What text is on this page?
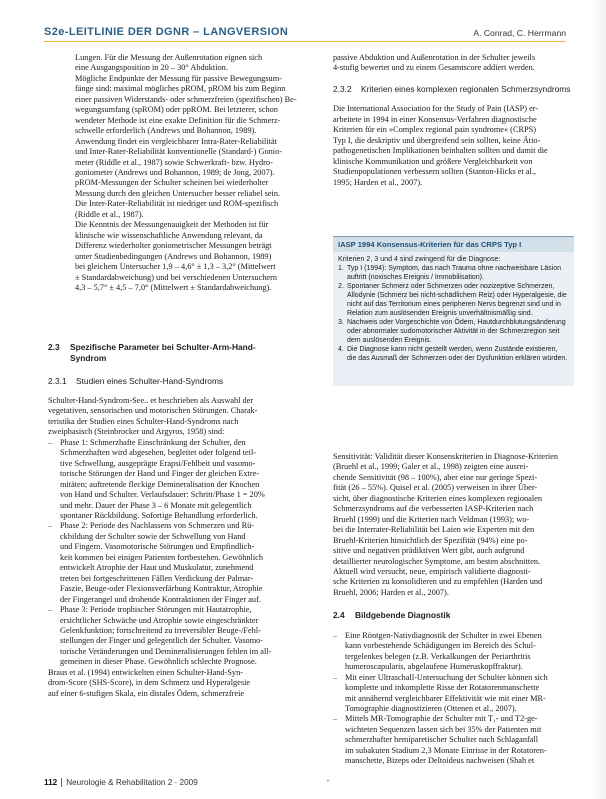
S2e-LEITLINIE DER DGNR – LANGVERSION	A. Conrad, C. Herrmann
Lungen. Für die Messung der Außenrotation eignen sich
eine Ausgangsposition in 20 – 30° Abduktion.
Mögliche Endpunkte der Messung für passive Bewegungsum-
fänge sind: maximal mögliches pROM, pROM bis zum Beginn
einer passiven Widerstands- oder schmerzfreien (spezifischen) Be-
wegungsumfang (spROM) oder ppROM. Bei letzterer, schon
wendeter Methode ist eine exakte Definition für die Schmerz-
schwelle erforderlich (Andrews und Bohannon, 1989).
Anwendung findet ein vergleichbarer Intra-Rater-Reliabilität
und Inter-Rater-Reliabilität konventionelle (Standard-) Gonio-
meter (Riddle et al., 1987) sowie Schwerkraft- bzw. Hydro-
goniometer (Andrews und Bohannon, 1989; de Jong, 2007).
pROM-Messungen der Schulter scheinen bei wiederholter
Messung durch den gleichen Untersucher besser reliabel sein.
Die Inter-Rater-Reliabilität ist niedriger und ROM-spezifisch
(Riddle et al., 1987).
Die Kenntnis der Messungenauigkeit der Methoden ist für
klinische wie wissenschaftliche Anwendung relevant, da
Differenz wiederholter goniometrischer Messungen beträgt
unter Studienbedingungen (Andrews und Bohannon, 1989)
bei gleichem Untersucher 1,9 – 4,6° ± 1,3 – 3,2° (Mittelwert
± Standardabweichung) und bei verschiedenen Untersuchern
4,3 – 5,7° ± 4,5 – 7,0° (Mittelwert ± Standardabweichung).
2.3	Spezifische Parameter bei Schulter-Arm-Hand-
Syndrom
2.3.1	Studien eines Schulter-Hand-Syndroms
Schulter-Hand-Syndrom-See.. et beschrieben als Auswahl der
vegetativen, sensorischen und motorischen Störungen. Charak-
teristika der Studien eines Schulter-Hand-Syndroms nach
zweiphasisch (Steinbrocker und Argyros, 1958) sind:
– Phase 1: Schmerzhafte Einschränkung der Schulter, den
Schmerzhaften wird abgesehen, begleitet oder folgend teil-
tive Schwellung, ausgeprägte Erapsi/Fehlbeit und vasomo-
torische Störungen der Hand und Finger der gleichen Extre-
mitäten; auftretende fleckige Demineralisation der Knochen
von Hand und Schulter. Verlaufsdauer: Schritt/Phase 1 = 20%
und mehr. Dauer der Phase 3 – 6 Monate mit gelegentlich
spontaner Rückbildung. Sofortige Behandlung erforderlich.
– Phase 2: Periode des Nachlassens von Schmerzen und Rü-
ckbildung der Schulter sowie der Schwellung von Hand
und Fingern. Vasomotorische Störungen und Empfindlich-
keit kommen bei einigen Patienten fortbestehen. Gewöhnlich
entwickelt Atrophie der Haut und Muskulatur, zunehmend
treten bei fortgeschrittenen Fällen Verdickung der Palmar-
Faszie, Beuge-oder Flexionsverfärbung Kontraktur, Atrophie
der Fingerangel und drohende Kontraktionen der Finger auf.
– Phase 3: Periode trophischer Störungen mit Hautatrophie,
ersichtlicher Schwäche und Atrophie sowie eingeschränkter
Gelenkfunktion; fortschreitend zu irreversibler Beuge-/Fehl-
stellungen der Finger und gelegentlich der Schulter. Vasomo-
torische Veränderungen und Demineralisierungen fehlen im all-
gemeinen in dieser Phase. Gewöhnlich schlechte Prognose.
Braus et al. (1994) entwickelten einen Schulter-Hand-Syn-
drom-Score (SHS-Score), in dem Schmerz und Hyperalgesie
auf einer 6-stufigen Skala, ein distales Ödem, schmerzfreie
passive Abduktion und Außenrotation in der Schulter jeweils
4-stufig bewertet und zu einem Gesamtscore addiert werden.
2.3.2	Kriterien eines komplexen regionalen Schmerzsyndroms
Die International Association for the Study of Pain (IASP) er-
arbeitete in 1994 in einer Konsensus-Verfahren diagnostische
Kriterien für ein »Complex regional pain syndrome« (CRPS)
Typ I, die deskriptiv und übergreifend sein sollten, keine Ätio-
pathogenetischen Implikationen beinhalten sollten und damit die
klinische Kommunikation und größere Vergleichbarkeit von
Studienpopulationen verbessern sollten (Stanton-Hicks et al.,
1995; Harden et al., 2007).
IASP 1994 Konsensus-Kriterien für das CRPS Typ I
Kriterien 2, 3 und 4 sind zwingend für die Diagnose:
1. Typ I (1994): Symptom, das nach Trauma ohne nachweisbare Läsion auftritt (noxisches Ereignis / Immobilisation).
2. Spontaner Schmerz oder Schmerzen oder nozizeptive Schmerzen, Allodynie (Schmerz bei nicht-schädlichem Reiz) oder Hyperalgesie, die nicht auf das Territorium eines peripheren Nervs begrenzt sind und in Relation zum auslösenden Ereignis unverhältnismäßig sind.
3. Nachweis oder Vorgeschichte von Ödem, Hautdurchblutungsänderung oder abnormaler sudomotorischer Aktivität in der Schmerzregion seit dem auslösenden Ereignis.
4. Die Diagnose kann nicht gestellt werden, wenn Zustände existieren, die das Ausmaß der Schmerzen oder der Dysfunktion erklären würden.
Sensitivität: Validität dieser Konsenskriterien in Diagnose-Kriterien
(Bruehl et al., 1999; Galer et al., 1998) zeigten eine ausrei-
chende Sensitivität (98 – 100%), aber eine nur geringe Spezi-
fität (26 – 55%). Quisel et al. (2005) verweisen in ihrer Über-
sicht, über diagnostische Kriterien eines komplexen regionalen
Schmerzsyndroms auf die verbesserten IASP-Kriterien nach
Bruehl (1999) und die Kriterien nach Veldman (1993); wo-
bei die Interrater-Reliabilität bei Laien wie Experten mit den
Bruehl-Kriterien hinsichtlich der Spezifität (94%) eine po-
sitive und negativen prädiktiven Wert gibt, auch aufgrund
detaillierter neurologischer Symptome, am besten abschnitten.
Aktuell wird versucht, neue, empirisch validierte diagnosti-
sche Kriterien zu konsolidieren und zu empfehlen (Harden und
Bruehl, 2006; Harden et al., 2007).
2.4	Bildgebende Diagnostik
– Eine Röntgen-Nativdiagnostik der Schulter in zwei Ebenen
kann vorbestehende Schädigungen im Bereich des Schul-
tergelenkes belegen (z.B. Verkalkungen der Periarthritis
humeroscapularis, abgelaufene Humeruskopffraktur).
– Mit einer Ultraschall-Untersuchung der Schulter können sich
komplette und inkomplette Risse der Rotatorenmanschette
mit annähernd vergleichbarer Effektivität wie mit einer MR-
Tomographie diagnostizieren (Ottenen et al., 2007).
– Mittels MR-Tomographie der Schulter mit T₁- und T2-ge-
wichteten Sequenzen lassen sich bei 35% der Patienten mit
schmerzhafter hemiparetischer Schulter nach Schlaganfall
im subakuten Stadium 2,3 Monate Einrisse in der Rotatoren-
manschette, Bizeps oder Deltoideus nachweisen (Shah et
112 Neurologie & Rehabilitation 2 · 2009	+
